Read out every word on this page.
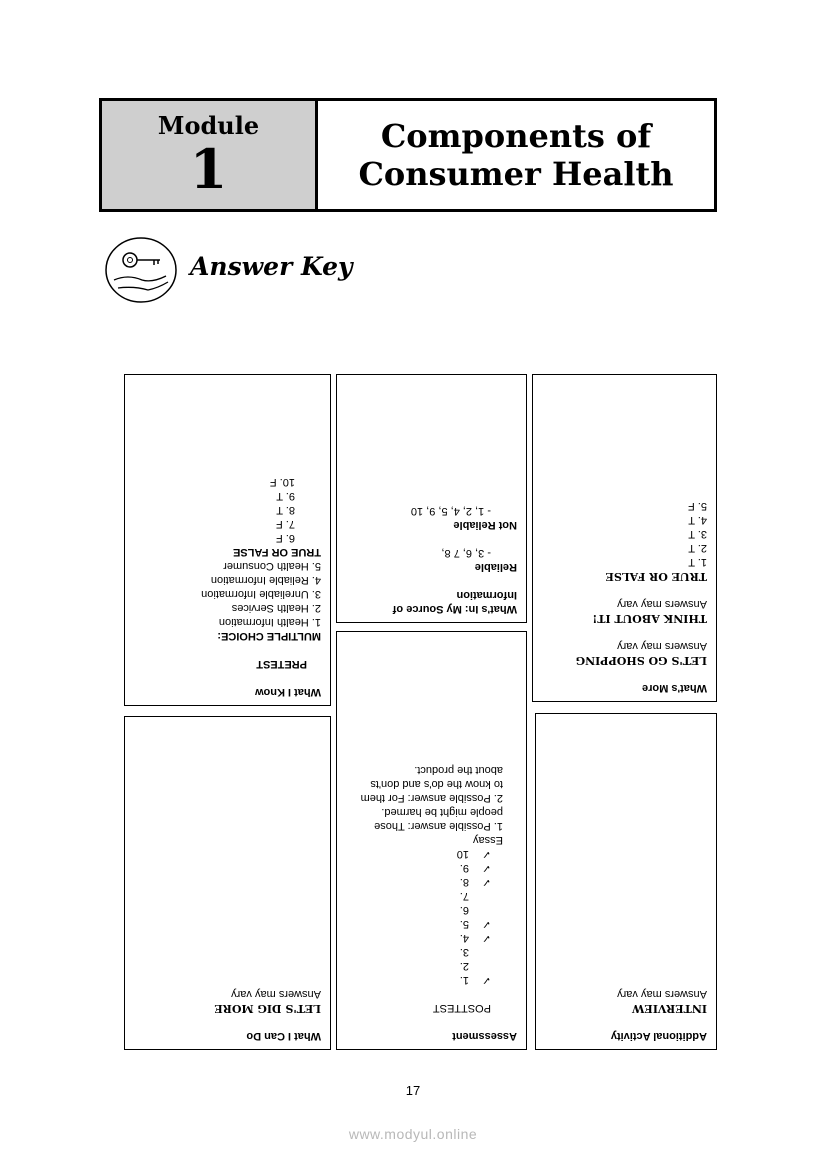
Module
1
Components of
Consumer Health
Answer Key
What I Know
PRETEST
MULTIPLE CHOICE:
1. Health Information
2. Health Services
3. Unreliable Information
4. Reliable Information
5. Health Consumer
TRUE OR FALSE
6. F
7. F
8. T
9. T
10. F
What's In: My Source of
Information
Reliable
- 3, 6, 7 8,
Not Reliable
- 1, 2, 4, 5, 9, 10
What's More
LET'S GO SHOPPING
Answers may vary
THINK ABOUT IT!
Answers may vary
TRUE OR FALSE
1. T
2. T
3. T
4. T
5. F
What I Can Do
LET'S DIG MORE
Answers may vary
Assessment
POSTTEST
✓1.
2.
3.
✓4.
✓5.
6.
7.
✓8.
✓9.
✓10
Essay
1. Possible answer: Those people might be harmed.
2. Possible answer: For them to know the do's and don'ts about the product.
Additional Activity
INTERVIEW
Answers may vary
17
www.modyul.online
